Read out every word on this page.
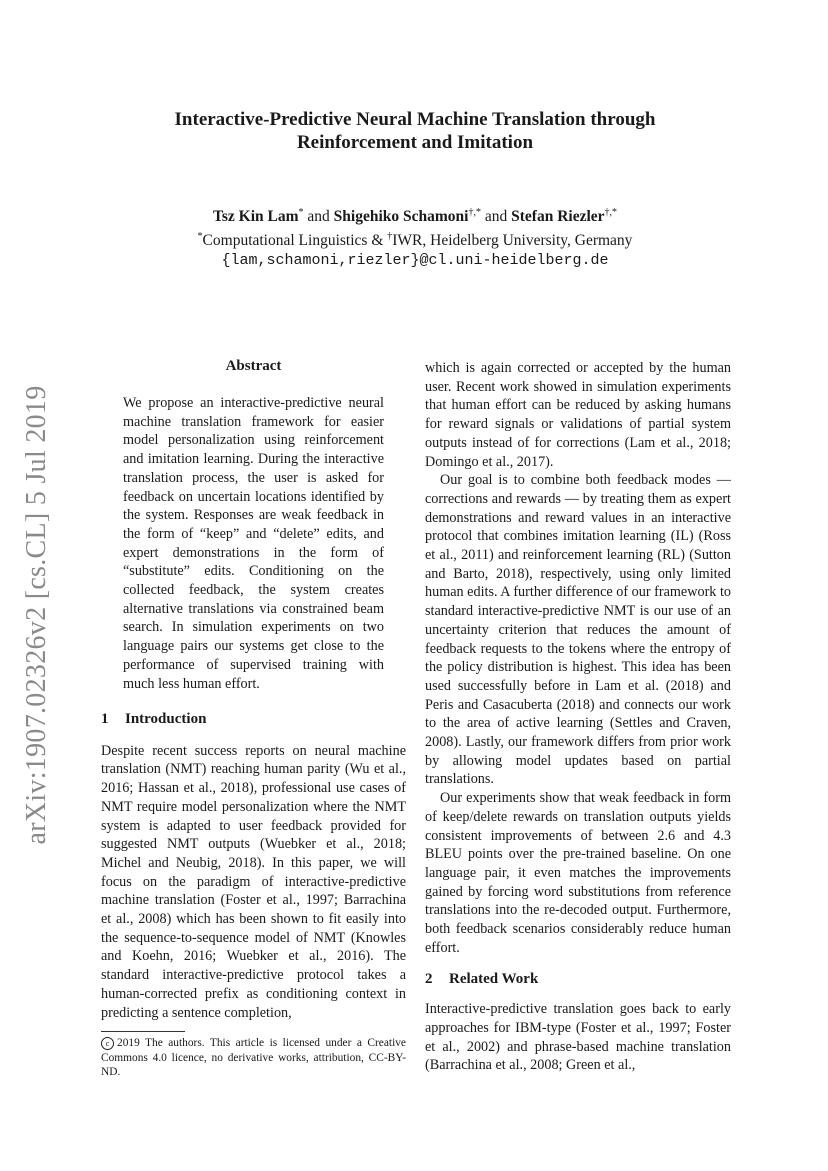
arXiv:1907.02326v2 [cs.CL] 5 Jul 2019
Interactive-Predictive Neural Machine Translation through
Reinforcement and Imitation
Tsz Kin Lam* and Shigehiko Schamoni†,* and Stefan Riezler†,*
*Computational Linguistics & †IWR, Heidelberg University, Germany
{lam,schamoni,riezler}@cl.uni-heidelberg.de
Abstract
We propose an interactive-predictive neural machine translation framework for easier model personalization using reinforcement and imitation learning. During the interactive translation process, the user is asked for feedback on uncertain locations identified by the system. Responses are weak feedback in the form of “keep” and “delete” edits, and expert demonstrations in the form of “substitute” edits. Conditioning on the collected feedback, the system creates alternative translations via constrained beam search. In simulation experiments on two language pairs our systems get close to the performance of supervised training with much less human effort.
1 Introduction

Despite recent success reports on neural machine translation (NMT) reaching human parity (Wu et al., 2016; Hassan et al., 2018), professional use cases of NMT require model personalization where the NMT system is adapted to user feedback provided for suggested NMT outputs (Wuebker et al., 2018; Michel and Neubig, 2018). In this paper, we will focus on the paradigm of interactive-predictive machine translation (Foster et al., 1997; Barrachina et al., 2008) which has been shown to fit easily into the sequence-to-sequence model of NMT (Knowles and Koehn, 2016; Wuebker et al., 2016). The standard interactive-predictive protocol takes a human-corrected prefix as conditioning context in predicting a sentence completion,

c 2019 The authors. This article is licensed under a Creative Commons 4.0 licence, no derivative works, attribution, CC-BY-ND.

which is again corrected or accepted by the human user. Recent work showed in simulation experiments that human effort can be reduced by asking humans for reward signals or validations of partial system outputs instead of for corrections (Lam et al., 2018; Domingo et al., 2017).

Our goal is to combine both feedback modes — corrections and rewards — by treating them as expert demonstrations and reward values in an interactive protocol that combines imitation learning (IL) (Ross et al., 2011) and reinforcement learning (RL) (Sutton and Barto, 2018), respectively, using only limited human edits. A further difference of our framework to standard interactive-predictive NMT is our use of an uncertainty criterion that reduces the amount of feedback requests to the tokens where the entropy of the policy distribution is highest. This idea has been used successfully before in Lam et al. (2018) and Peris and Casacuberta (2018) and connects our work to the area of active learning (Settles and Craven, 2008). Lastly, our framework differs from prior work by allowing model updates based on partial translations.

Our experiments show that weak feedback in form of keep/delete rewards on translation outputs yields consistent improvements of between 2.6 and 4.3 BLEU points over the pre-trained baseline. On one language pair, it even matches the improvements gained by forcing word substitutions from reference translations into the re-decoded output. Furthermore, both feedback scenarios considerably reduce human effort.

2 Related Work

Interactive-predictive translation goes back to early approaches for IBM-type (Foster et al., 1997; Foster et al., 2002) and phrase-based machine translation (Barrachina et al., 2008; Green et al.,
